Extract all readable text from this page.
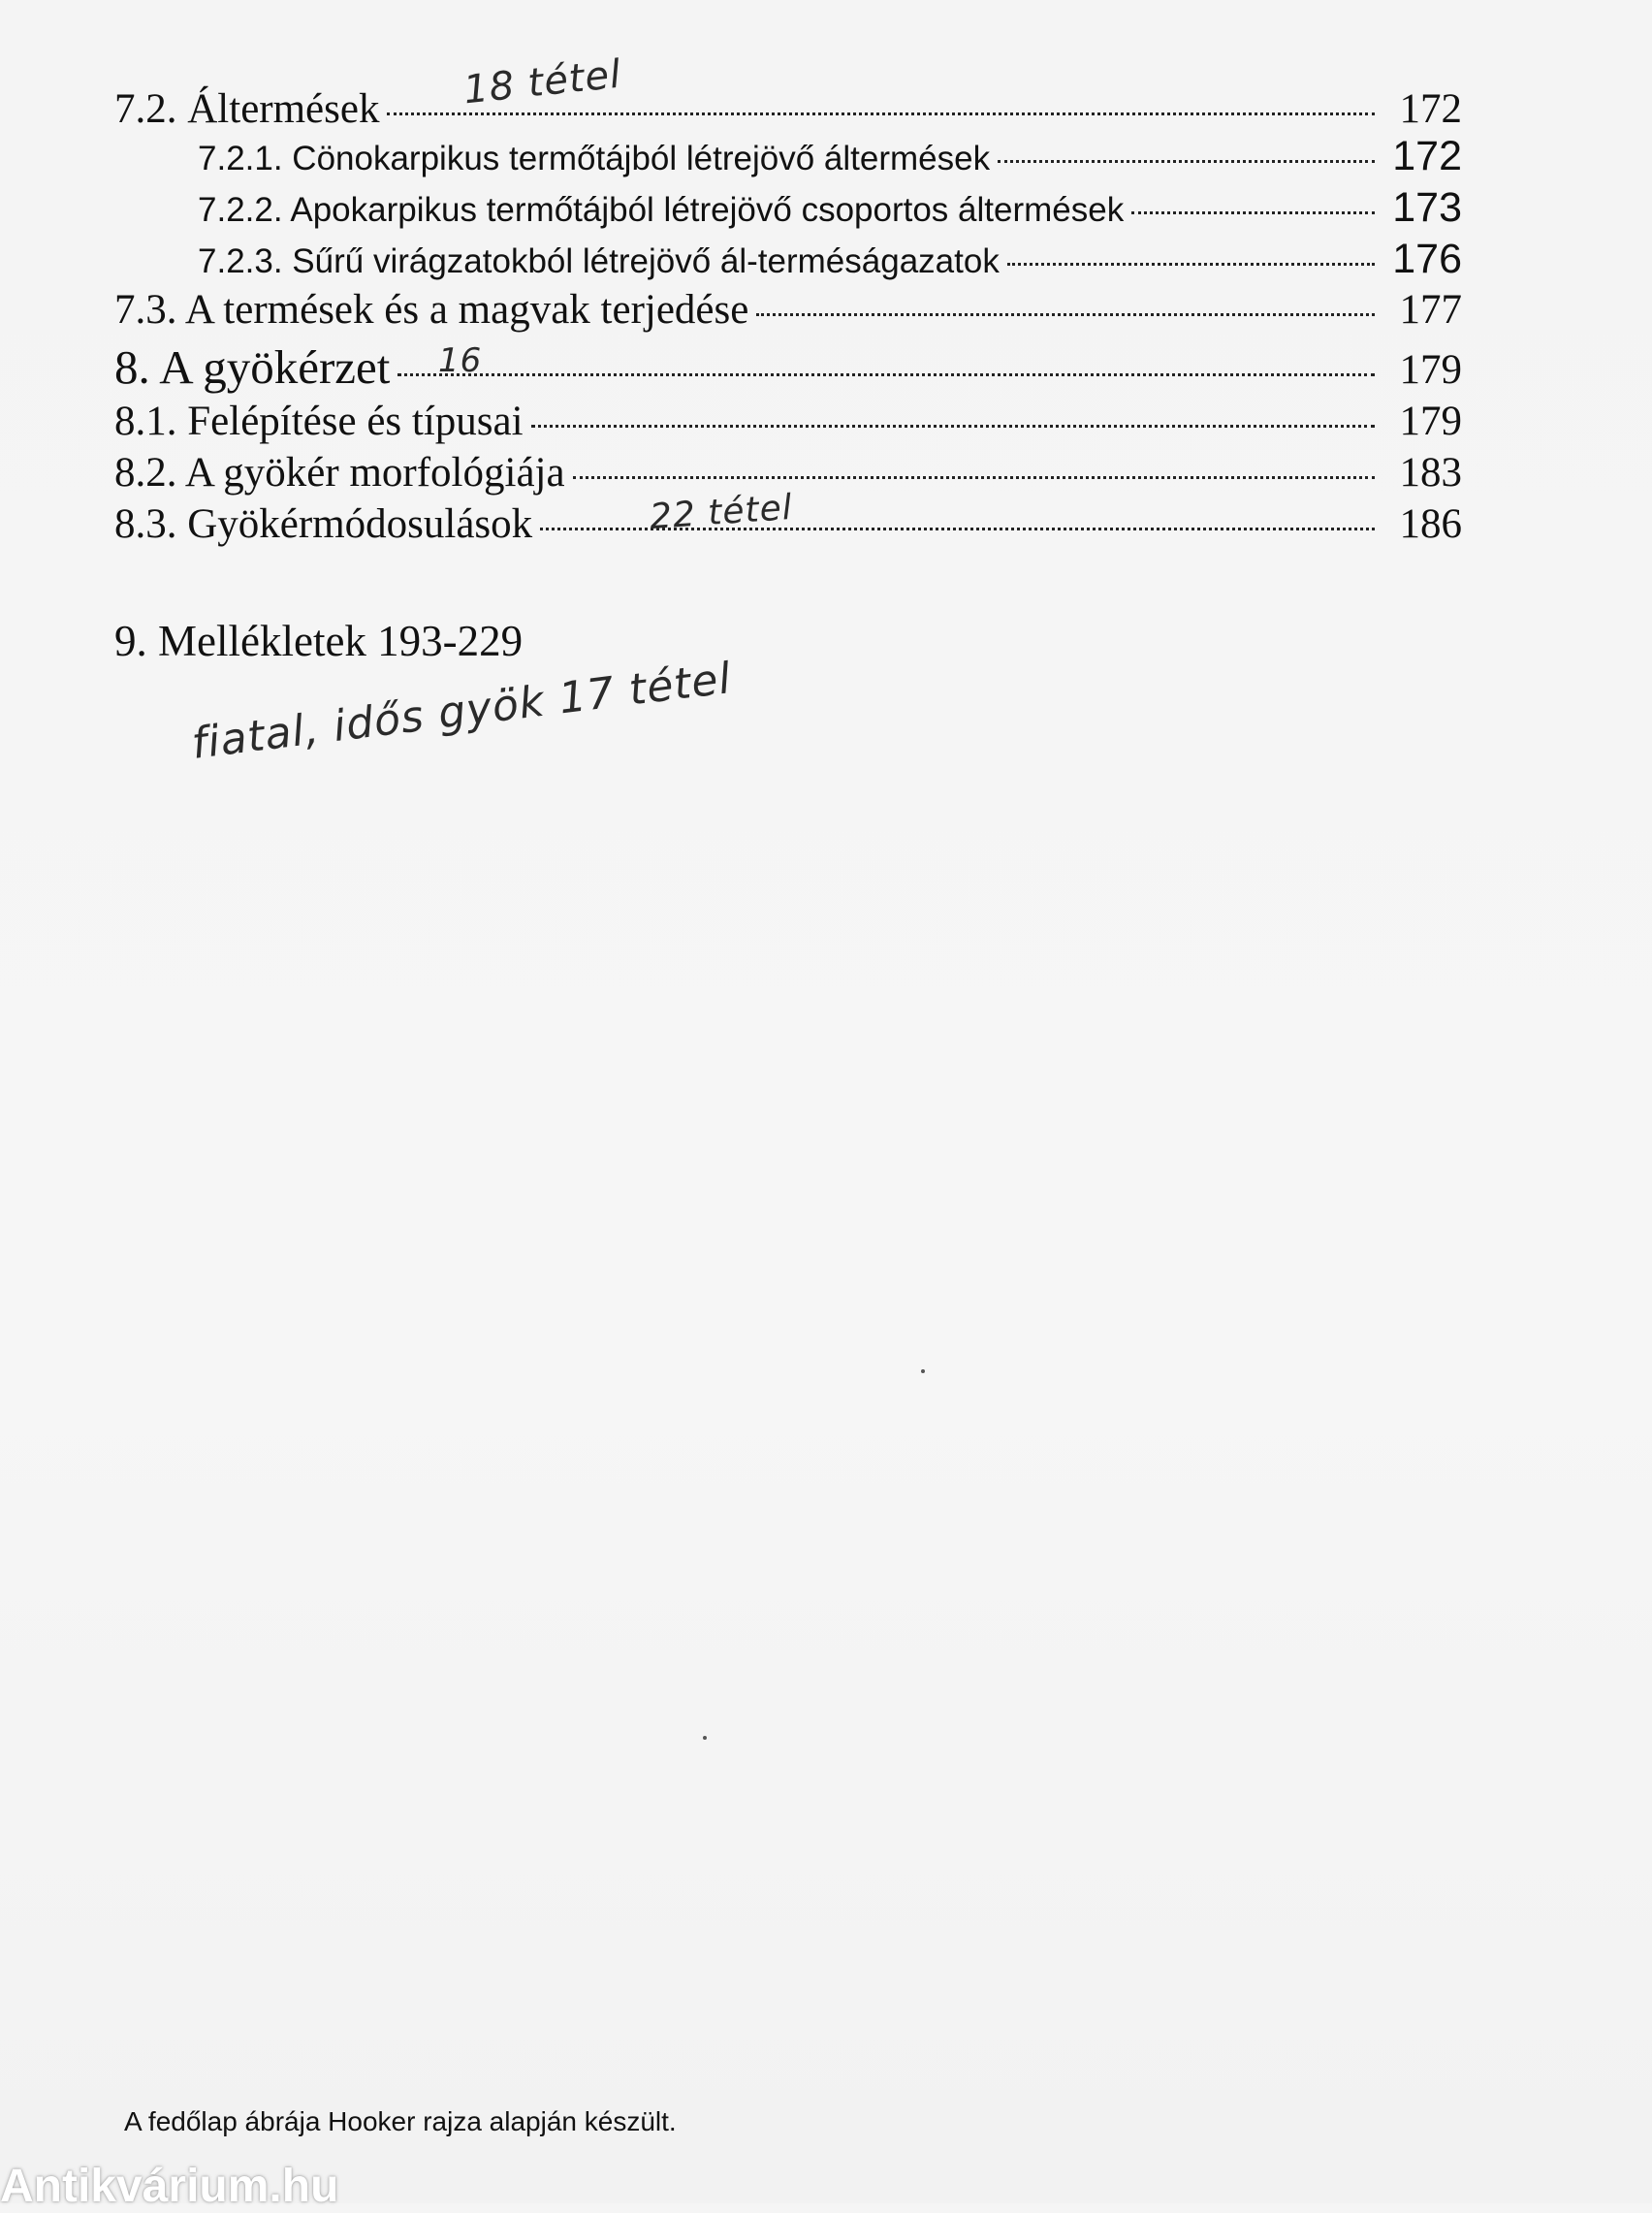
7.2. Áltermések	172
7.2.1. Cönokarpikus termőtájból létrejövő áltermések	172
7.2.2. Apokarpikus termőtájból létrejövő csoportos áltermések	173
7.2.3. Sűrű virágzatokból létrejövő ál-terméságazatok	176
7.3. A termések és a magvak terjedése	177
8. A gyökérzet	179
8.1. Felépítése és típusai	179
8.2. A gyökér morfológiája	183
8.3. Gyökérmódosulások	186
9. Mellékletek 193-229
18 tétel
16
22 tétel
fiatal, idős gyök 17 tétel
A fedőlap ábrája Hooker rajza alapján készült.
Antikvárium.hu
